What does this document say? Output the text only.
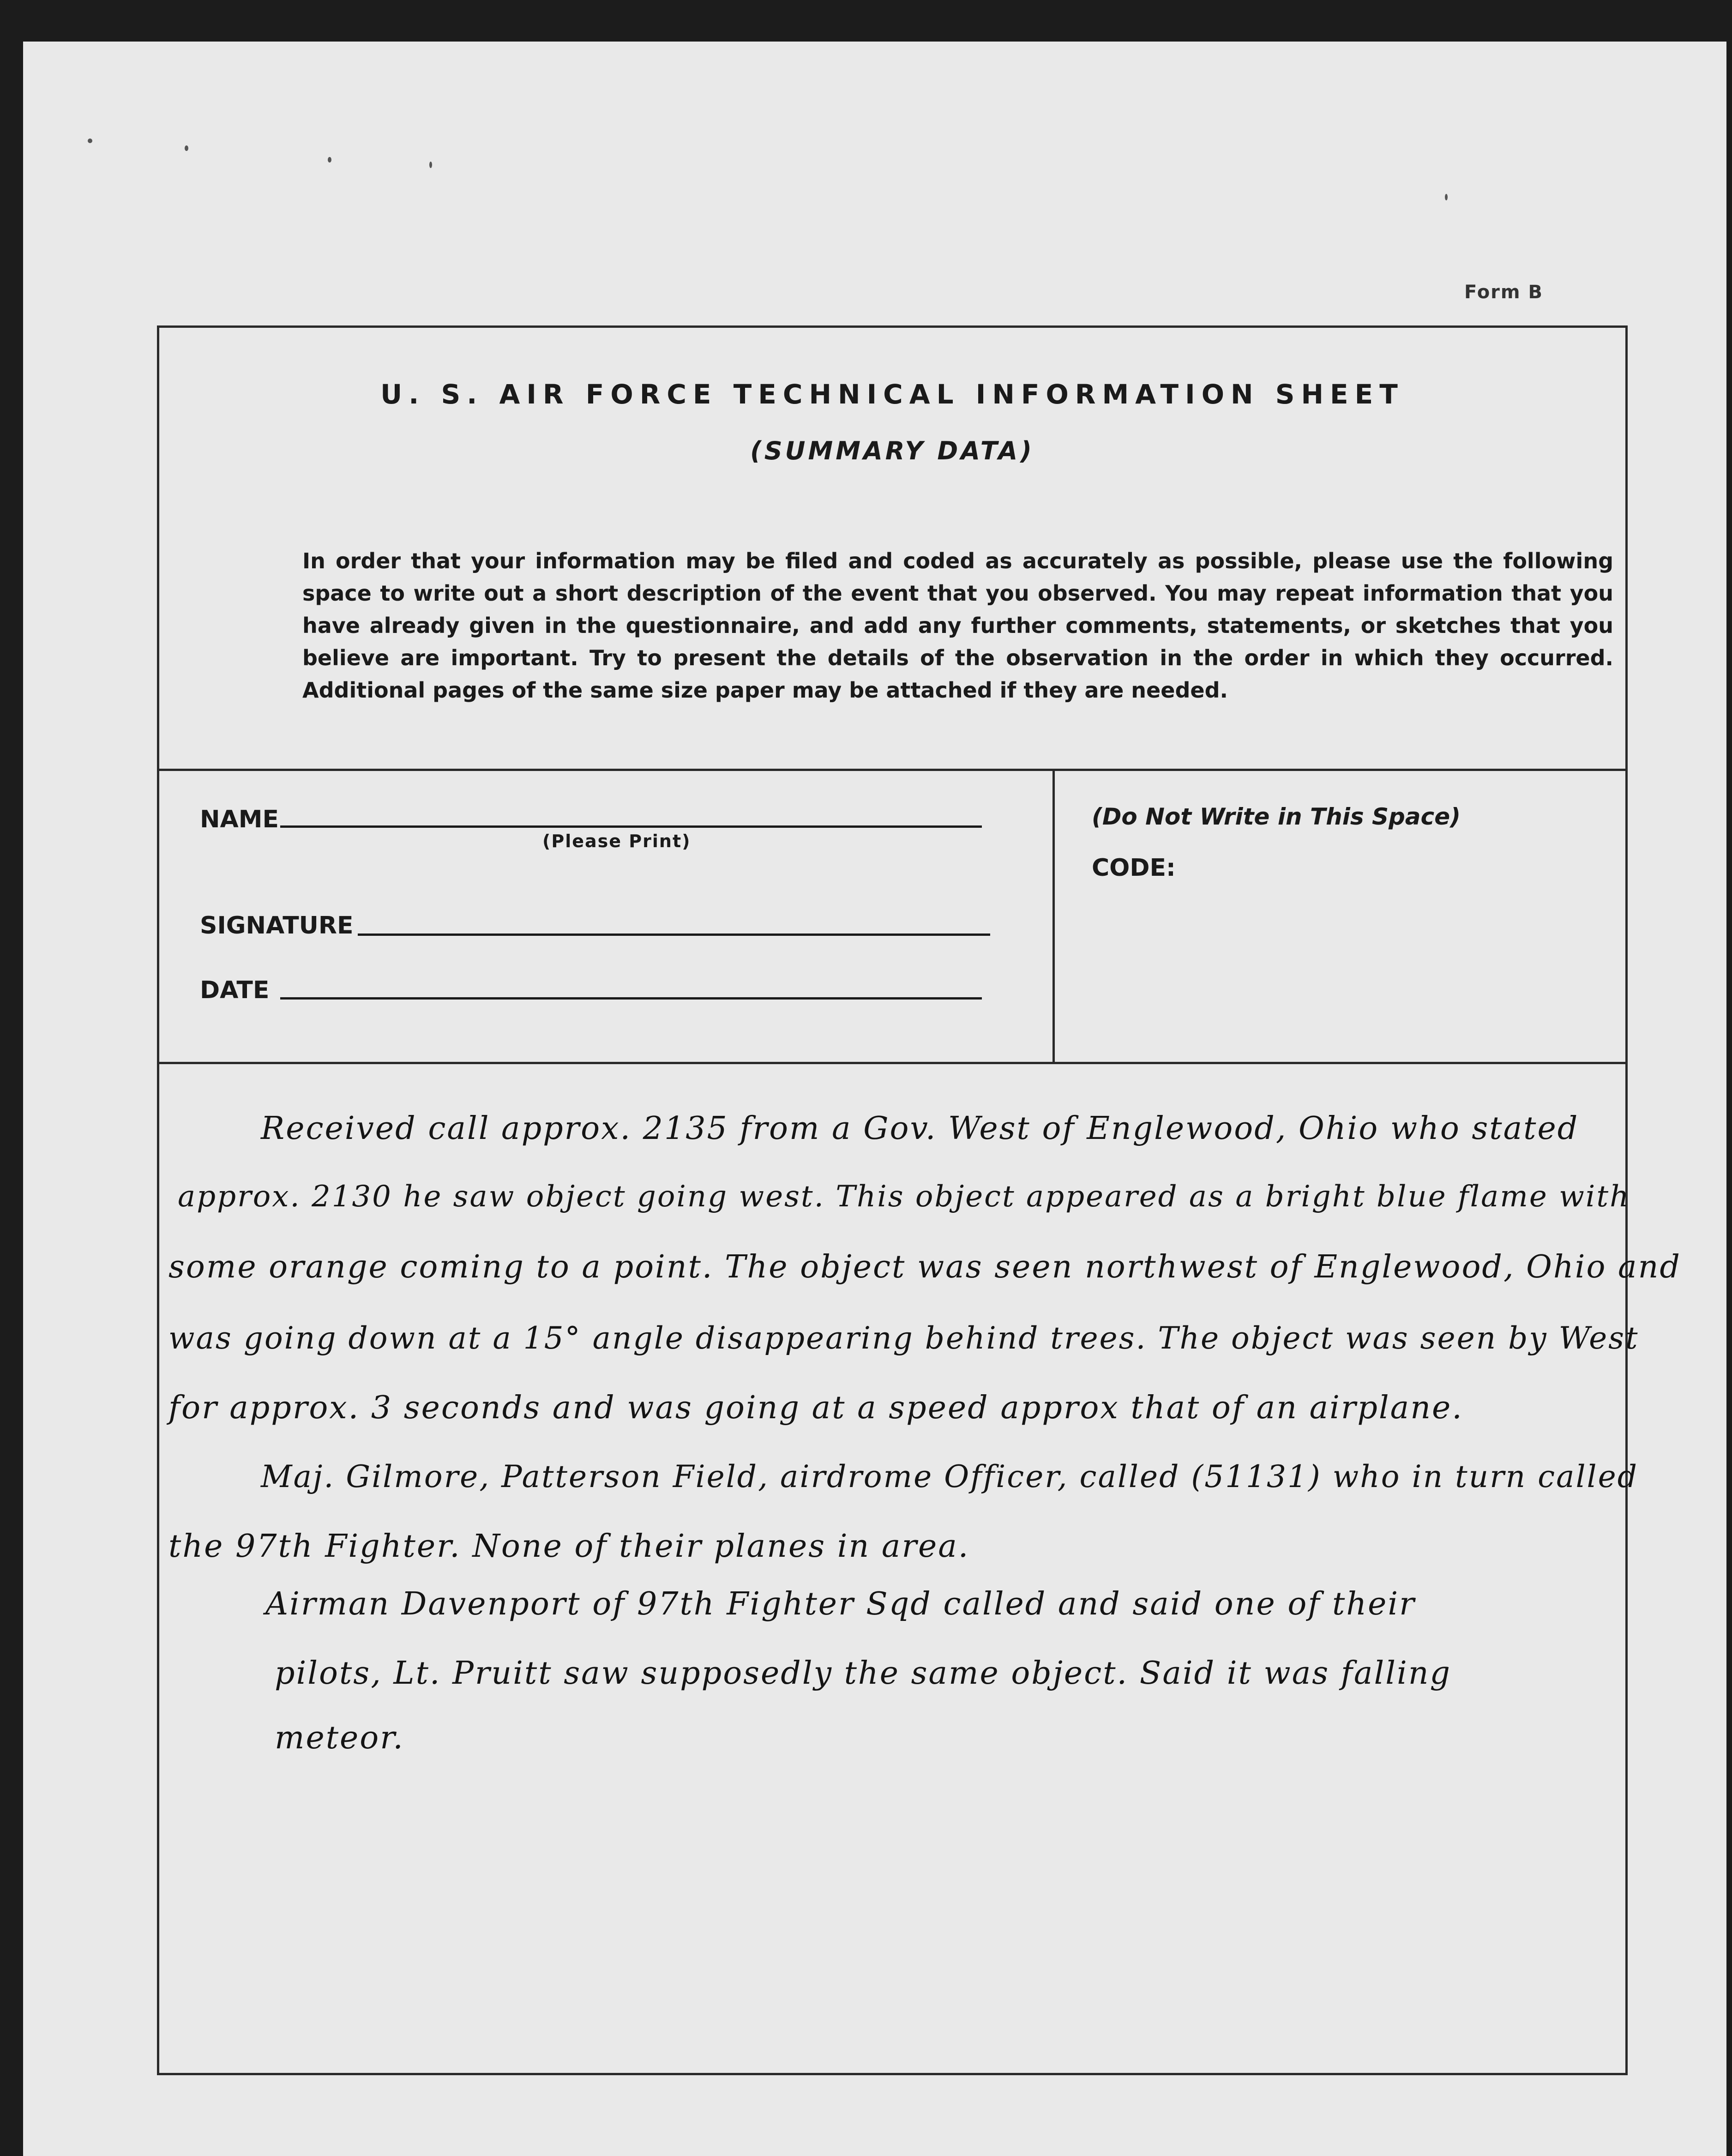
Form B
U. S. AIR FORCE TECHNICAL INFORMATION SHEET
(SUMMARY DATA)
In order that your information may be filed and coded as accurately as possible, please use the following space to write out a short description of the event that you observed. You may repeat information that you have already given in the questionnaire, and add any further comments, statements, or sketches that you believe are important. Try to present the details of the observation in the order in which they occurred. Additional pages of the same size paper may be attached if they are needed.
NAME
(Please Print)
SIGNATURE
DATE
(Do Not Write in This Space)
CODE:
Received call approx. 2135 from a Gov. West of Englewood, Ohio who stated
approx. 2130 he saw object going west. This object appeared as a bright blue flame with
some orange coming to a point. The object was seen northwest of Englewood, Ohio and
was going down at a 15° angle disappearing behind trees. The object was seen by West
for approx. 3 seconds and was going at a speed approx that of an airplane.
Maj. Gilmore, Patterson Field, airdrome Officer, called (51131) who in turn called
the 97th Fighter. None of their planes in area.
Airman Davenport of 97th Fighter Sqd called and said one of their
pilots, Lt. Pruitt saw supposedly the same object. Said it was falling
meteor.
